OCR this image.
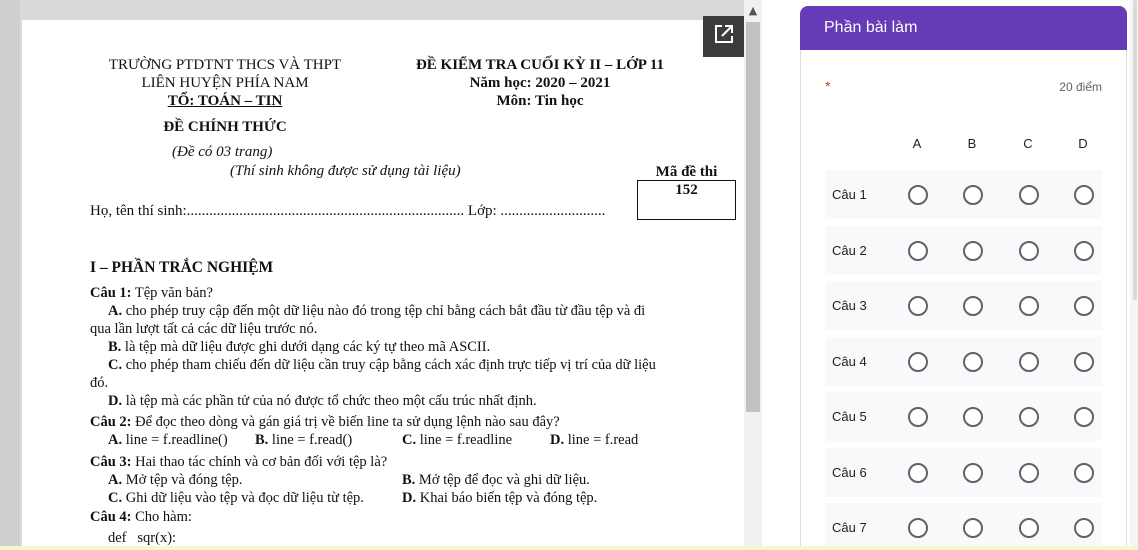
TRƯỜNG PTDTNT THCS VÀ THPT
LIÊN HUYỆN PHÍA NAM
TỔ: TOÁN – TIN
ĐỀ KIỂM TRA CUỐI KỲ II – LỚP 11
Năm học: 2020 – 2021
Môn: Tin học
ĐỀ CHÍNH THỨC
(Đề có 03 trang)
(Thí sinh không được sử dụng tài liệu)	Mã đề thi
152
Họ, tên thí sinh:.......................................................................... Lớp: ............................
I – PHẦN TRẮC NGHIỆM
Câu 1: Tệp văn bản?
A. cho phép truy cập đến một dữ liệu nào đó trong tệp chỉ bằng cách bắt đầu từ đầu tệp và đi
qua lần lượt tất cả các dữ liệu trước nó.
B. là tệp mà dữ liệu được ghi dưới dạng các ký tự theo mã ASCII.
C. cho phép tham chiếu đến dữ liệu cần truy cập bằng cách xác định trực tiếp vị trí của dữ liệu
đó.
D. là tệp mà các phần tử của nó được tổ chức theo một cấu trúc nhất định.
Câu 2: Để đọc theo dòng và gán giá trị về biến line ta sử dụng lệnh nào sau đây?
A. line = f.readline() B. line = f.read()	C. line = f.readline	D. line = f.read
Câu 3: Hai thao tác chính và cơ bản đối với tệp là?
A. Mở tệp và đóng tệp.	B. Mở tệp để đọc và ghi dữ liệu.
C. Ghi dữ liệu vào tệp và đọc dữ liệu từ tệp.	D. Khai báo biến tệp và đóng tệp.
Câu 4: Cho hàm:
def   sqr(x):
▲
Phần bài làm
*	20 điểm
A	B	C	D
Câu 1
Câu 2
Câu 3
Câu 4
Câu 5
Câu 6
Câu 7
